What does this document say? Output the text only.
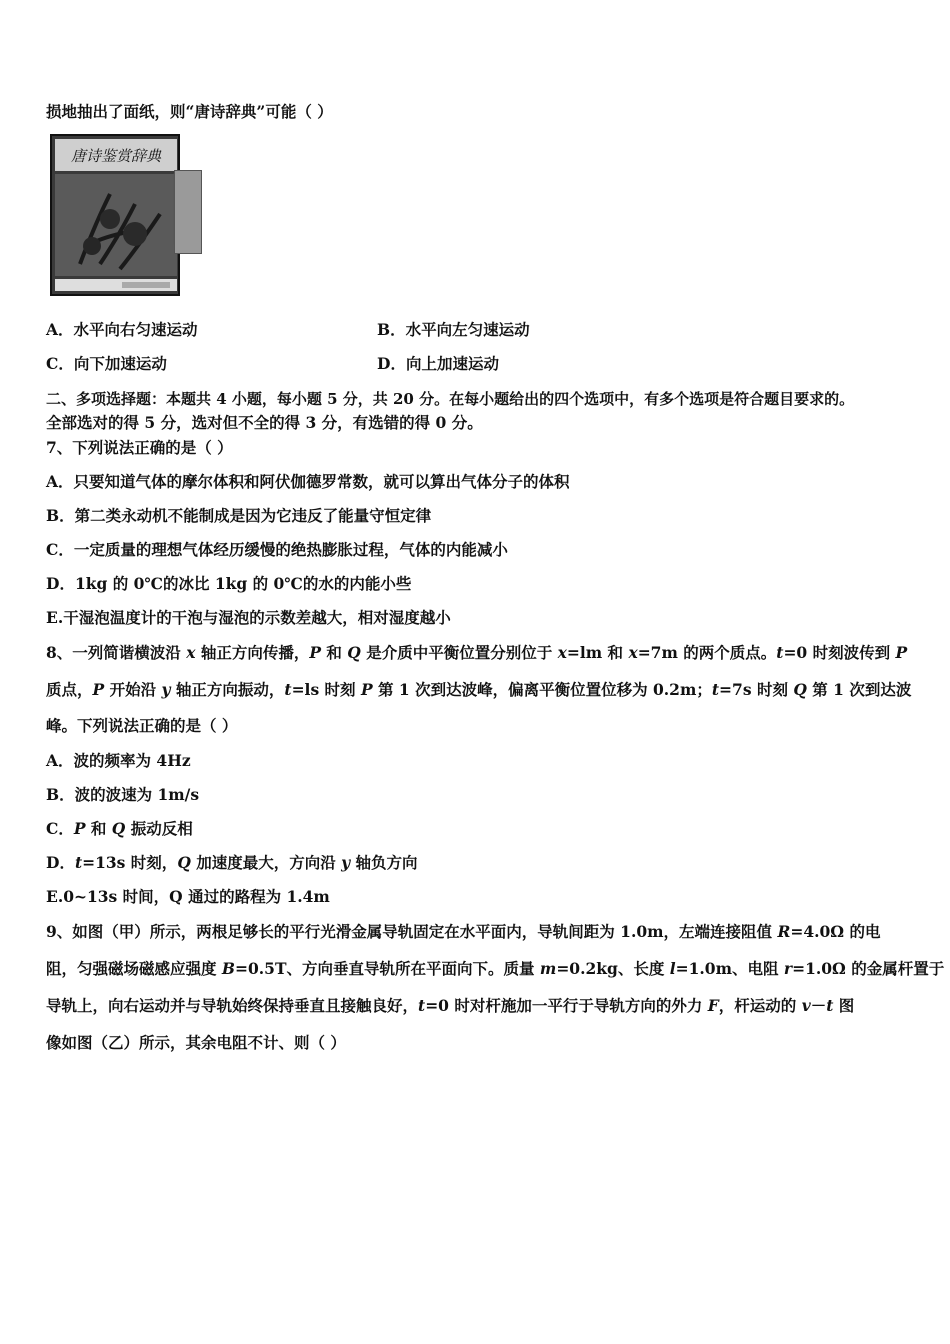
损地抽出了面纸，则“唐诗辞典”可能（ ）
唐诗鉴赏辞典
A．水平向右匀速运动	B．水平向左匀速运动
C．向下加速运动	D．向上加速运动
二、多项选择题：本题共 4 小题，每小题 5 分，共 20 分。在每小题给出的四个选项中，有多个选项是符合题目要求的。
全部选对的得 5 分，选对但不全的得 3 分，有选错的得 0 分。
7、下列说法正确的是（ ）
A．只要知道气体的摩尔体积和阿伏伽德罗常数，就可以算出气体分子的体积
B．第二类永动机不能制成是因为它违反了能量守恒定律
C．一定质量的理想气体经历缓慢的绝热膨胀过程，气体的内能减小
D．1kg 的 0℃的冰比 1kg 的 0℃的水的内能小些
E.干湿泡温度计的干泡与湿泡的示数差越大，相对湿度越小
8、一列简谐横波沿 x 轴正方向传播，P 和 Q 是介质中平衡位置分别位于 x=lm 和 x=7m 的两个质点。t=0 时刻波传到 P
质点，P 开始沿 y 轴正方向振动，t=ls 时刻 P 第 1 次到达波峰，偏离平衡位置位移为 0.2m；t=7s 时刻 Q 第 1 次到达波
峰。下列说法正确的是（ ）
A．波的频率为 4Hz
B．波的波速为 1m/s
C．P 和 Q 振动反相
D．t=13s 时刻，Q 加速度最大，方向沿 y 轴负方向
E.0~13s 时间，Q 通过的路程为 1.4m
9、如图（甲）所示，两根足够长的平行光滑金属导轨固定在水平面内，导轨间距为 1.0m，左端连接阻值 R=4.0Ω 的电
阻，匀强磁场磁感应强度 B=0.5T、方向垂直导轨所在平面向下。质量 m=0.2kg、长度 l=1.0m、电阻 r=1.0Ω 的金属杆置于
导轨上，向右运动并与导轨始终保持垂直且接触良好，t=0 时对杆施加一平行于导轨方向的外力 F，杆运动的 v－t 图
像如图（乙）所示，其余电阻不计、则（ ）
